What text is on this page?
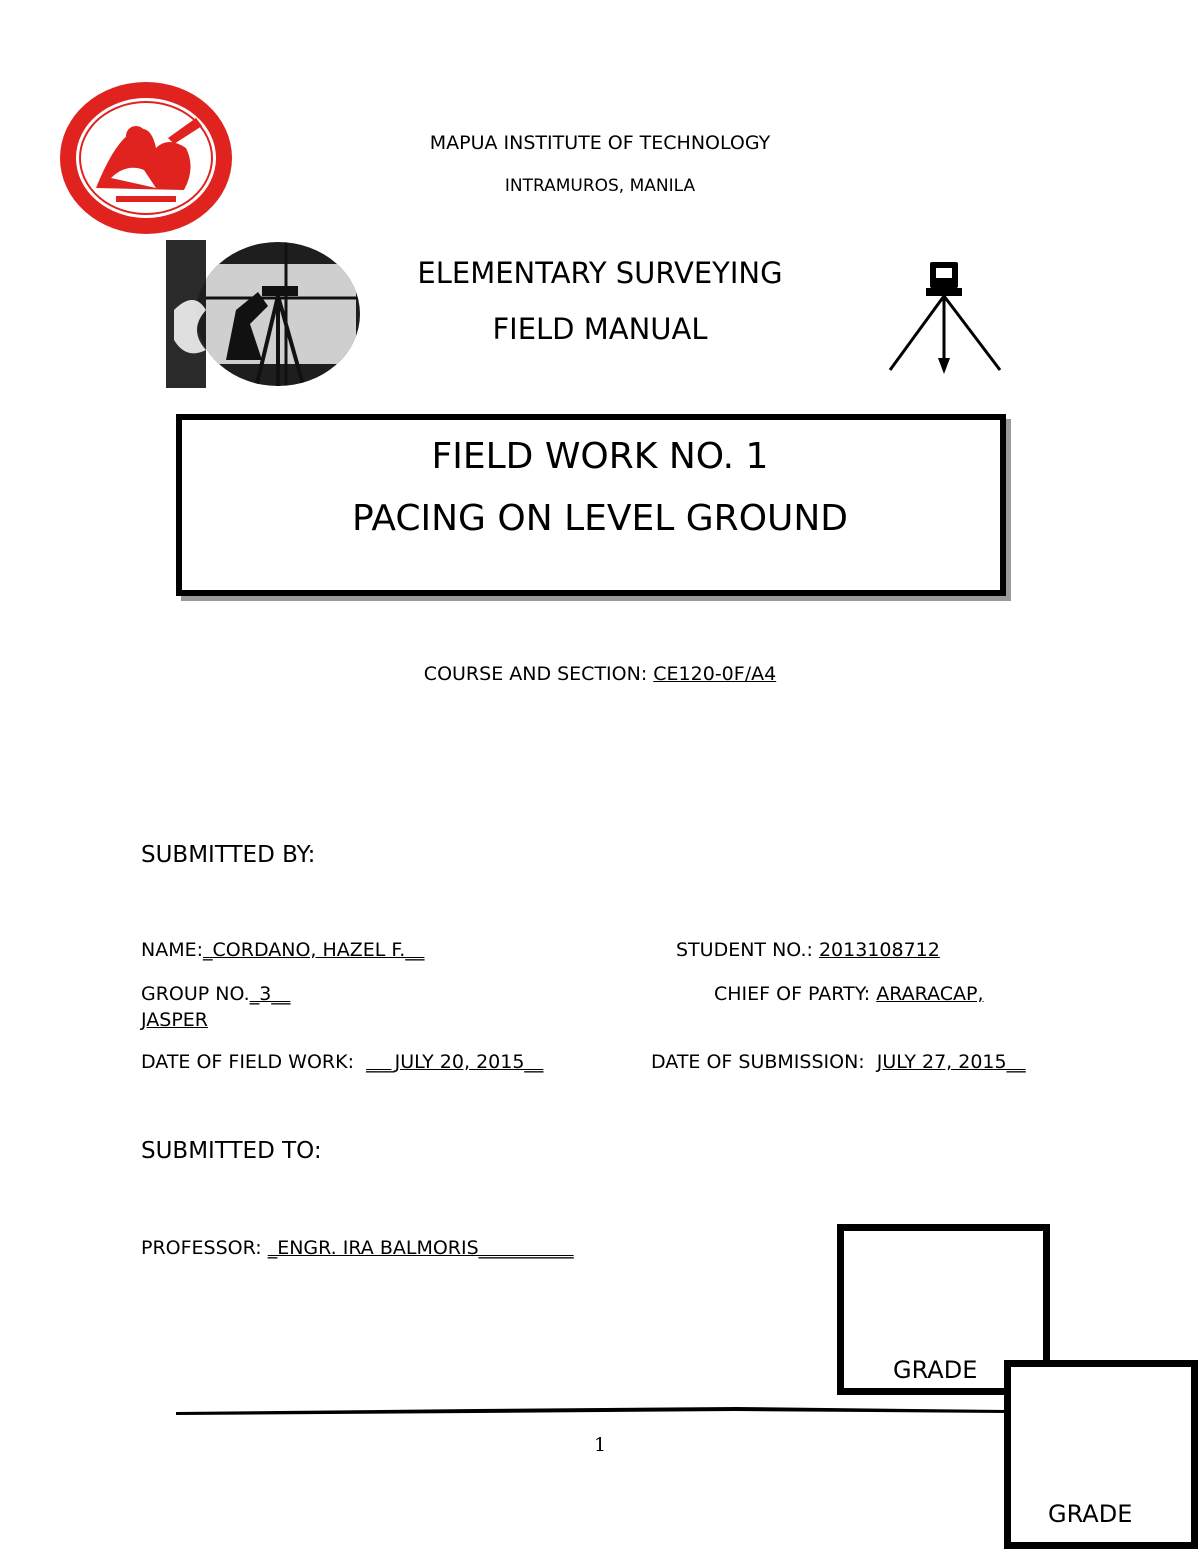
MAPUA INSTITUTE OF TECHNOLOGY
INTRAMUROS, MANILA
ELEMENTARY SURVEYING
FIELD MANUAL
FIELD WORK NO. 1
PACING ON LEVEL GROUND
COURSE AND SECTION: CE120-0F/A4
SUBMITTED BY:
NAME:_CORDANO, HAZEL F.__	STUDENT NO.: 2013108712
GROUP NO._3__	CHIEF OF PARTY: ARARACAP,
JASPER
DATE OF FIELD WORK: ___JULY 20, 2015__	DATE OF SUBMISSION: JULY 27, 2015__
SUBMITTED TO:
PROFESSOR: _ENGR. IRA BALMORIS__________
GRADE
1
GRADE
